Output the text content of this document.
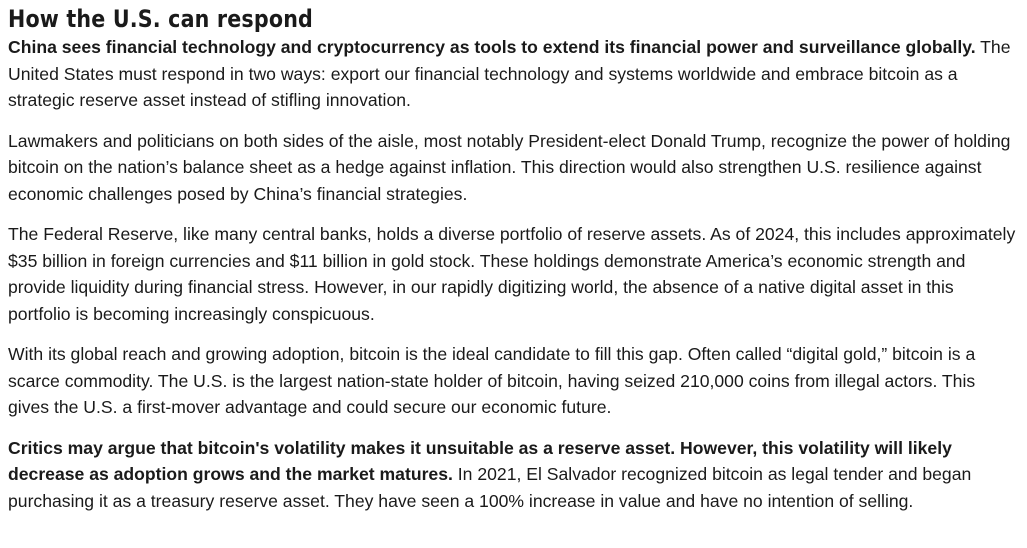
How the U.S. can respond

China sees financial technology and cryptocurrency as tools to extend its financial power and surveillance globally. The United States must respond in two ways: export our financial technology and systems worldwide and embrace bitcoin as a strategic reserve asset instead of stifling innovation.

Lawmakers and politicians on both sides of the aisle, most notably President-elect Donald Trump, recognize the power of holding bitcoin on the nation’s balance sheet as a hedge against inflation. This direction would also strengthen U.S. resilience against economic challenges posed by China’s financial strategies.

The Federal Reserve, like many central banks, holds a diverse portfolio of reserve assets. As of 2024, this includes approximately $35 billion in foreign currencies and $11 billion in gold stock. These holdings demonstrate America’s economic strength and provide liquidity during financial stress. However, in our rapidly digitizing world, the absence of a native digital asset in this portfolio is becoming increasingly conspicuous.

With its global reach and growing adoption, bitcoin is the ideal candidate to fill this gap. Often called “digital gold,” bitcoin is a scarce commodity. The U.S. is the largest nation-state holder of bitcoin, having seized 210,000 coins from illegal actors. This gives the U.S. a first-mover advantage and could secure our economic future.

Critics may argue that bitcoin's volatility makes it unsuitable as a reserve asset. However, this volatility will likely decrease as adoption grows and the market matures. In 2021, El Salvador recognized bitcoin as legal tender and began purchasing it as a treasury reserve asset. They have seen a 100% increase in value and have no intention of selling.
